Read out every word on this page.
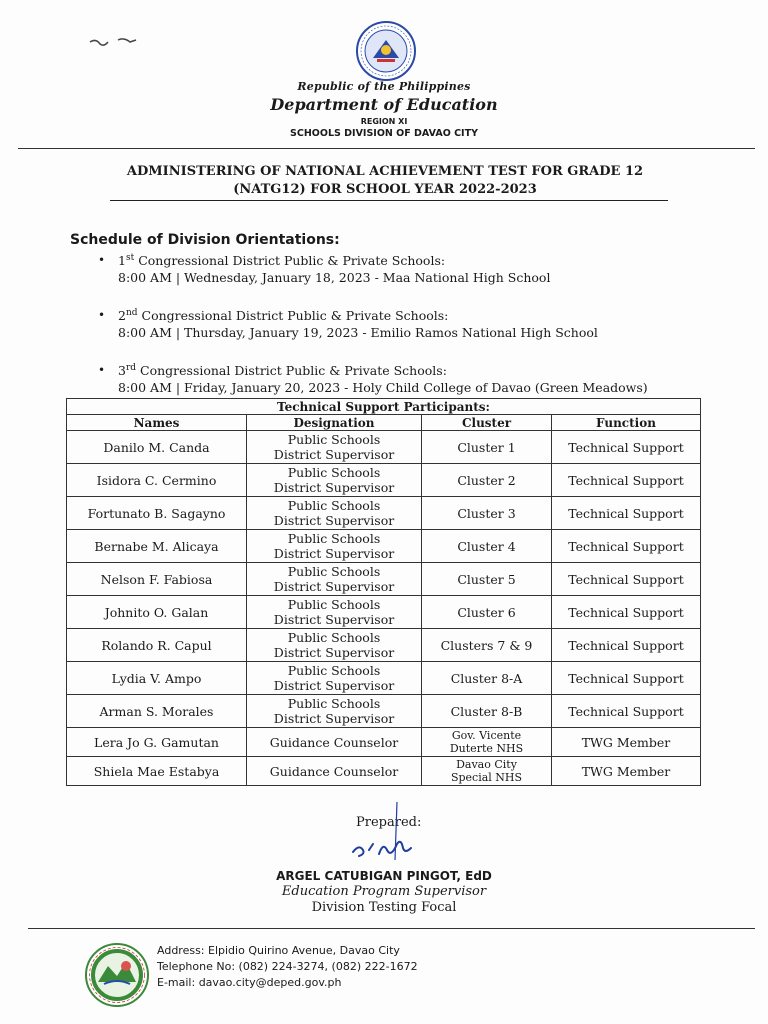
Republic of the Philippines
Department of Education
REGION XI
SCHOOLS DIVISION OF DAVAO CITY
ADMINISTERING OF NATIONAL ACHIEVEMENT TEST FOR GRADE 12
(NATG12) FOR SCHOOL YEAR 2022-2023
Schedule of Division Orientations:
• 1st Congressional District Public & Private Schools:
8:00 AM | Wednesday, January 18, 2023 - Maa National High School
• 2nd Congressional District Public & Private Schools:
8:00 AM | Thursday, January 19, 2023 - Emilio Ramos National High School
• 3rd Congressional District Public & Private Schools:
8:00 AM | Friday, January 20, 2023 - Holy Child College of Davao (Green Meadows)
Technical Support Participants:			
Names	Designation	Cluster	Function

Danilo M. Canda	Public Schools
District Supervisor	Cluster 1	Technical Support

Isidora C. Cermino	Public Schools
District Supervisor	Cluster 2	Technical Support

Fortunato B. Sagayno	Public Schools
District Supervisor	Cluster 3	Technical Support

Bernabe M. Alicaya	Public Schools
District Supervisor	Cluster 4	Technical Support

Nelson F. Fabiosa	Public Schools
District Supervisor	Cluster 5	Technical Support

Johnito O. Galan	Public Schools
District Supervisor	Cluster 6	Technical Support

Rolando R. Capul	Public Schools
District Supervisor	Clusters 7 & 9	Technical Support

Lydia V. Ampo	Public Schools
District Supervisor	Cluster 8-A	Technical Support

Arman S. Morales	Public Schools
District Supervisor	Cluster 8-B	Technical Support

Lera Jo G. Gamutan	Guidance Counselor	Gov. Vicente
Duterte NHS	TWG Member

Shiela Mae Estabya	Guidance Counselor	Davao City
Special NHS	TWG Member
Prepared:
ARGEL CATUBIGAN PINGOT, EdD
Education Program Supervisor
Division Testing Focal
Address: Elpidio Quirino Avenue, Davao City
Telephone No: (082) 224-3274, (082) 222-1672
E-mail: davao.city@deped.gov.ph
